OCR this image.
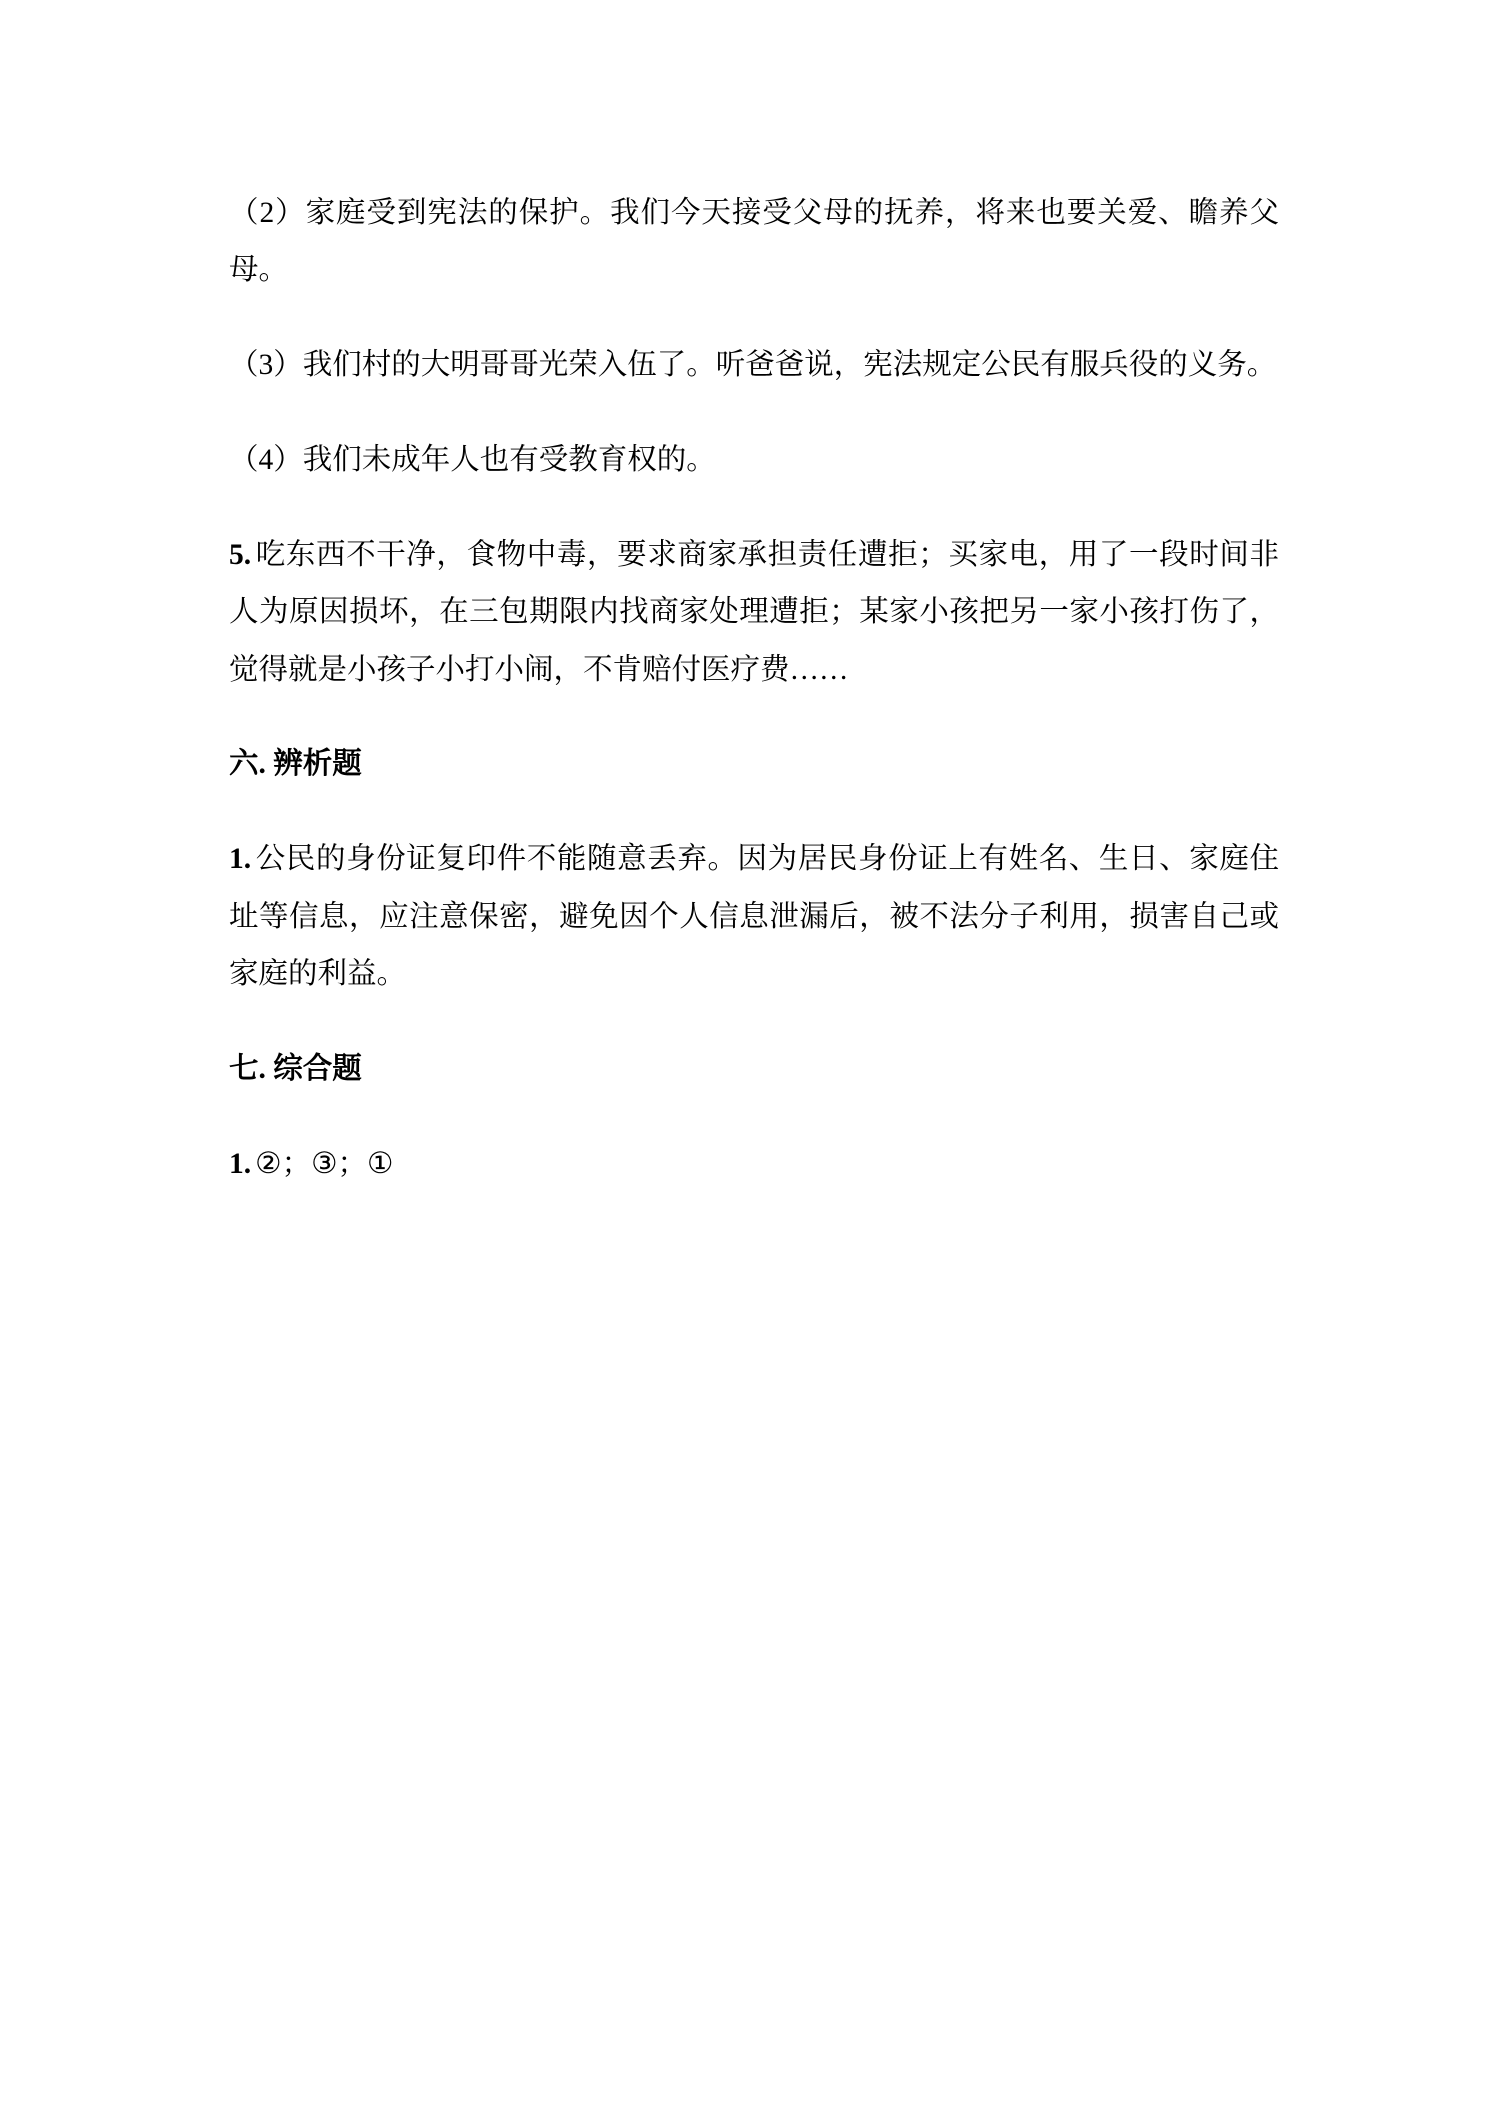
（2）家庭受到宪法的保护。我们今天接受父母的抚养，将来也要关爱、瞻养父
母。
（3）我们村的大明哥哥光荣入伍了。听爸爸说，宪法规定公民有服兵役的义务。
（4）我们未成年人也有受教育权的。
5. 吃东西不干净，食物中毒，要求商家承担责任遭拒；买家电，用了一段时间非
人为原因损坏，在三包期限内找商家处理遭拒；某家小孩把另一家小孩打伤了，
觉得就是小孩子小打小闹，不肯赔付医疗费……
六. 辨析题
1. 公民的身份证复印件不能随意丢弃。因为居民身份证上有姓名、生日、家庭住
址等信息，应注意保密，避免因个人信息泄漏后，被不法分子利用，损害自己或
家庭的利益。
七. 综合题
1. ②；③；①
